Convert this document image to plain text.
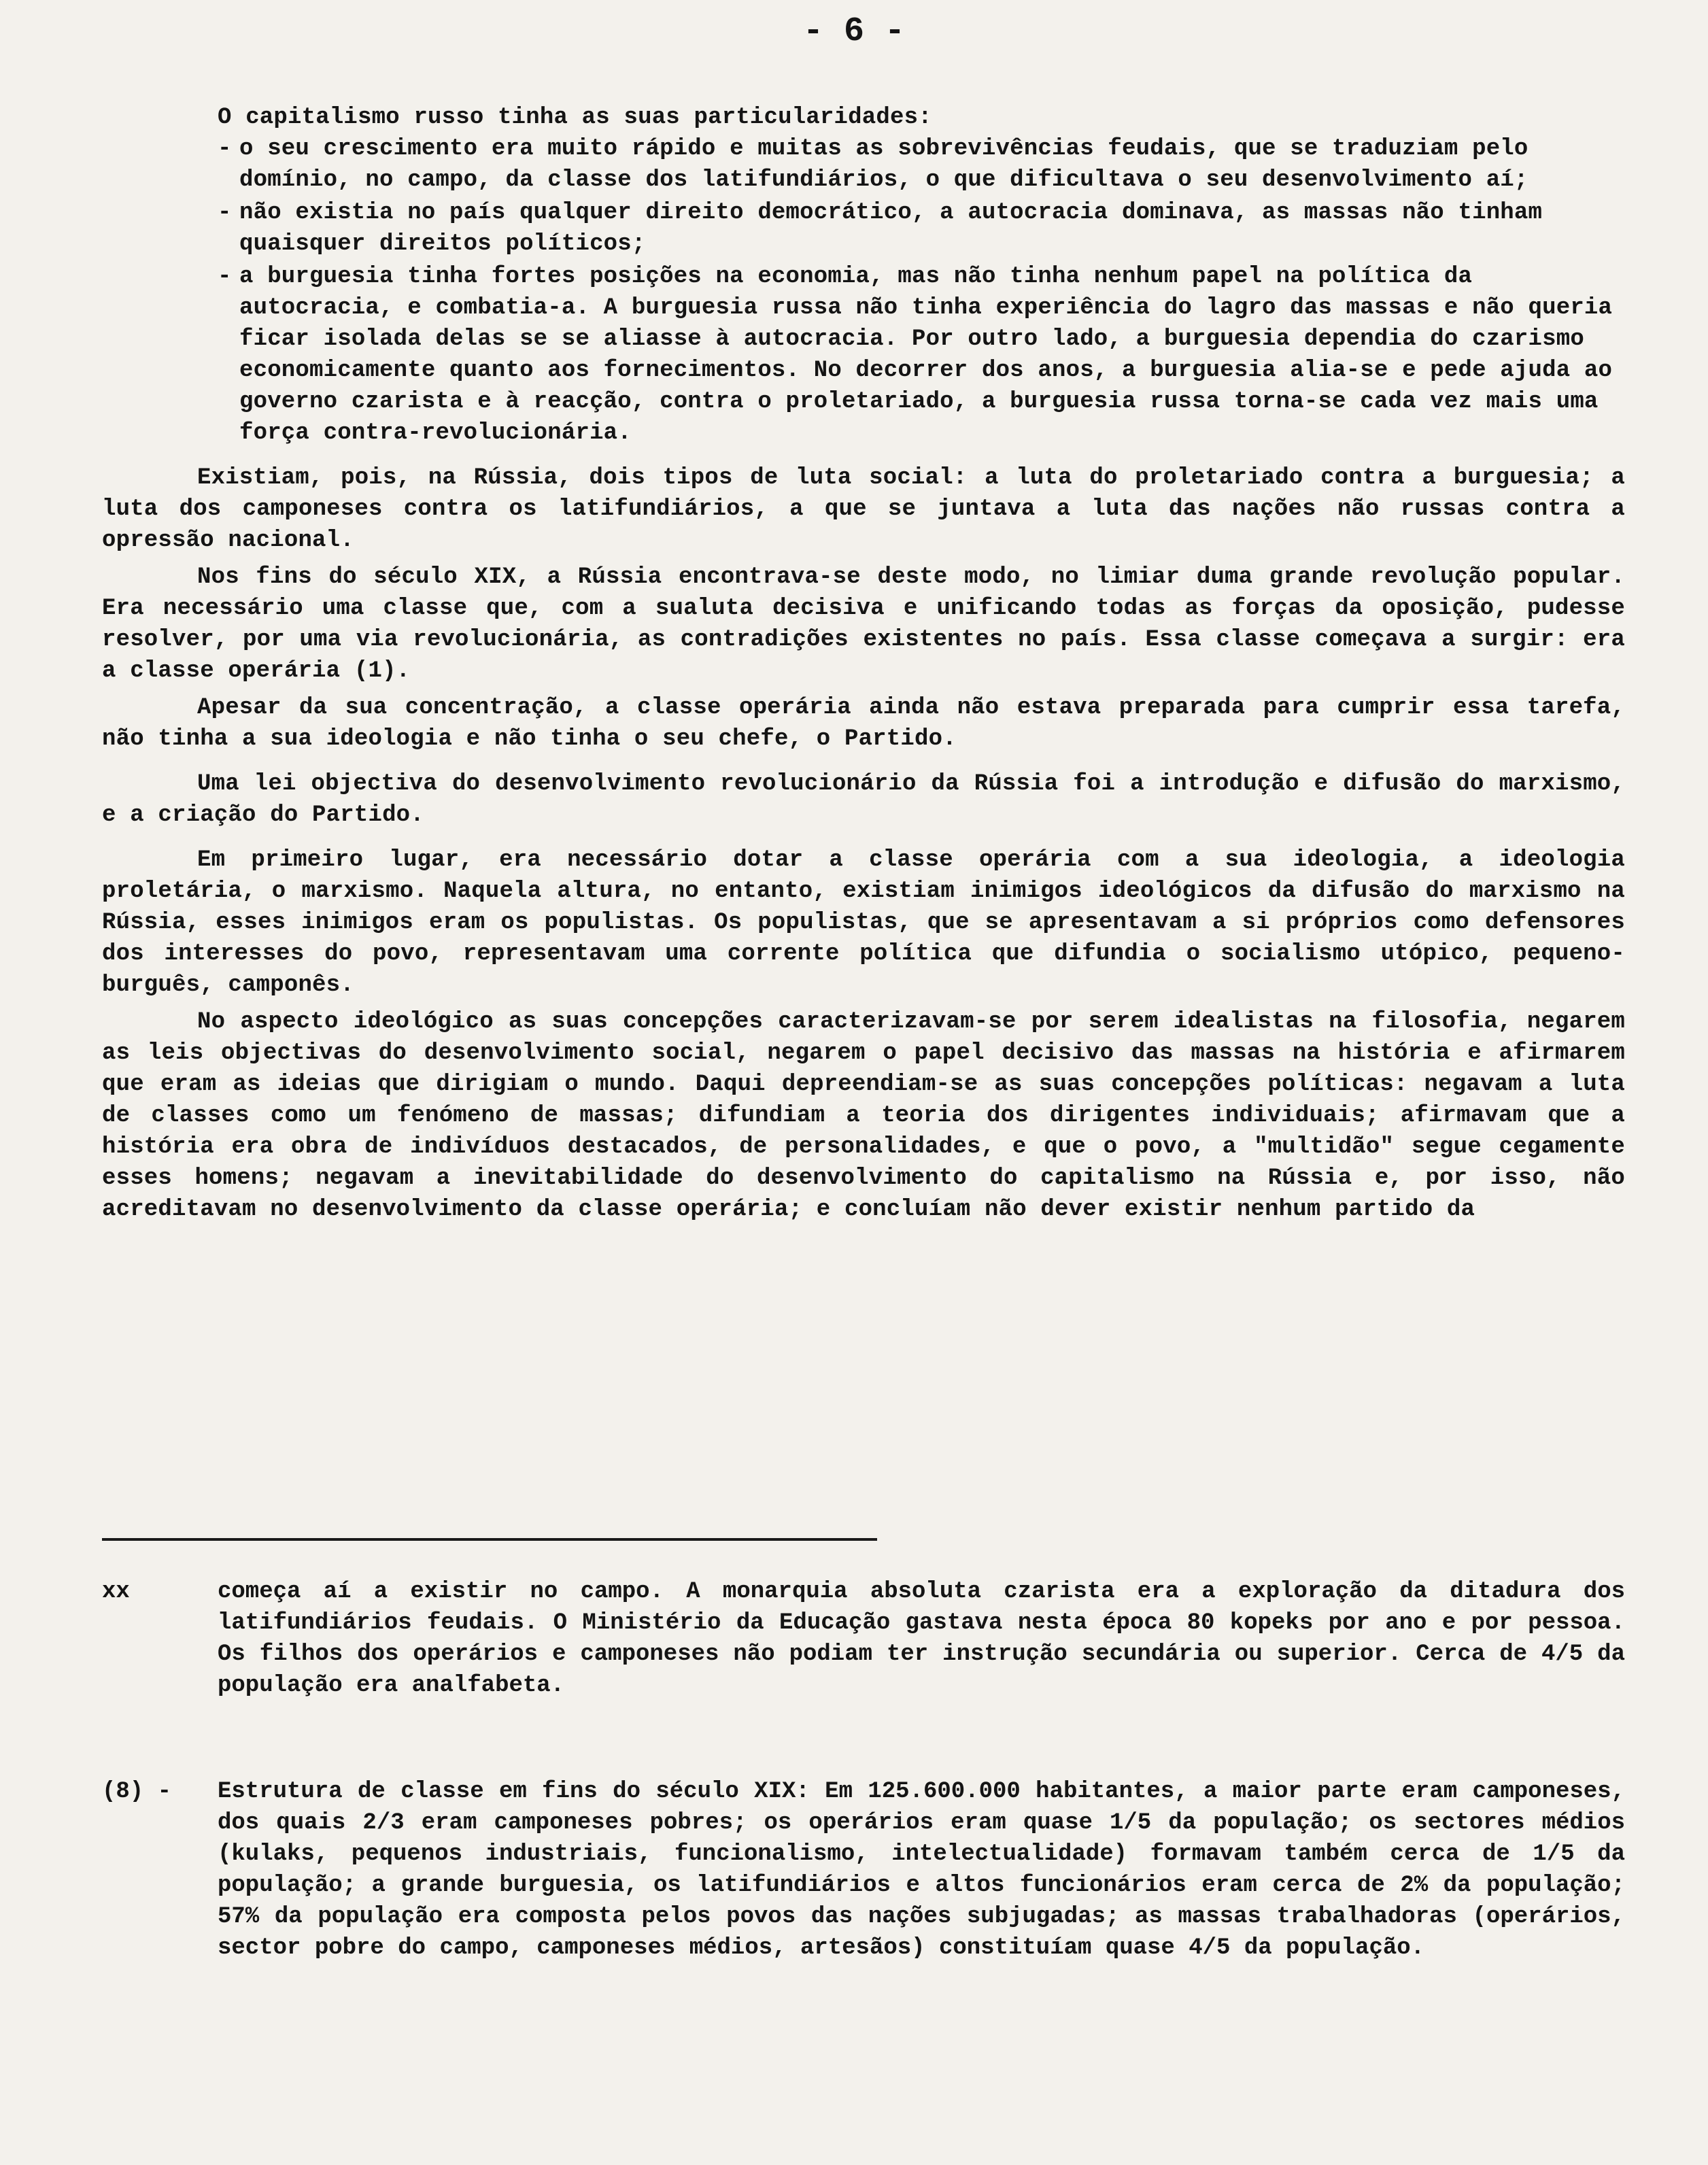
- 6 -
O capitalismo russo tinha as suas particularidades:
- o seu crescimento era muito rápido e muitas as sobrevivências feudais, que se traduziam pelo domínio, no campo, da classe dos latifundiários, o que dificultava o seu desenvolvimento aí;
- não existia no país qualquer direito democrático, a autocracia dominava, as massas não tinham quaisquer direitos políticos;
- a burguesia tinha fortes posições na economia, mas não tinha nenhum papel na política da autocracia, e combatia-a. A burguesia russa não tinha experiência do lagro das massas e não queria ficar isolada delas se se aliasse à autocracia. Por outro lado, a burguesia dependia do czarismo economicamente quanto aos fornecimentos. No decorrer dos anos, a burguesia alia-se e pede ajuda ao governo czarista e à reacção, contra o proletariado, a burguesia russa torna-se cada vez mais uma força contra-revolucionária.

Existiam, pois, na Rússia, dois tipos de luta social: a luta do proletariado contra a burguesia; a luta dos camponeses contra os latifundiários, a que se juntava a luta das nações não russas contra a opressão nacional.

Nos fins do século XIX, a Rússia encontrava-se deste modo, no limiar duma grande revolução popular. Era necessário uma classe que, com a sualuta decisiva e unificando todas as forças da oposição, pudesse resolver, por uma via revolucionária, as contradições existentes no país. Essa classe começava a surgir: era a classe operária (1).

Apesar da sua concentração, a classe operária ainda não estava preparada para cumprir essa tarefa, não tinha a sua ideologia e não tinha o seu chefe, o Partido.

Uma lei objectiva do desenvolvimento revolucionário da Rússia foi a introdução e difusão do marxismo, e a criação do Partido.

Em primeiro lugar, era necessário dotar a classe operária com a sua ideologia, a ideologia proletária, o marxismo. Naquela altura, no entanto, existiam inimigos ideológicos da difusão do marxismo na Rússia, esses inimigos eram os populistas. Os populistas, que se apresentavam a si próprios como defensores dos interesses do povo, representavam uma corrente política que difundia o socialismo utópico, pequeno-burguês, camponês.

No aspecto ideológico as suas concepções caracterizavam-se por serem idealistas na filosofia, negarem as leis objectivas do desenvolvimento social, negarem o papel decisivo das massas na história e afirmarem que eram as ideias que dirigiam o mundo. Daqui depreendiam-se as suas concepções políticas: negavam a luta de classes como um fenómeno de massas; difundiam a teoria dos dirigentes individuais; afirmavam que a história era obra de indivíduos destacados, de personalidades, e que o povo, a "multidão" segue cegamente esses homens; negavam a inevitabilidade do desenvolvimento do capitalismo na Rússia e, por isso, não acreditavam no desenvolvimento da classe operária; e concluíam não dever existir nenhum partido da

xx	começa aí a existir no campo. A monarquia absoluta czarista era a exploração da ditadura dos latifundiários feudais. O Ministério da Educação gastava nesta época 80 kopeks por ano e por pessoa. Os filhos dos operários e camponeses não podiam ter instrução secundária ou superior. Cerca de 4/5 da população era analfabeta.
(8) -	Estrutura de classe em fins do século XIX: Em 125.600.000 habitantes, a maior parte eram camponeses, dos quais 2/3 eram camponeses pobres; os operários eram quase 1/5 da população; os sectores médios (kulaks, pequenos industriais, funcionalismo, intelectualidade) formavam também cerca de 1/5 da população; a grande burguesia, os latifundiários e altos funcionários eram cerca de 2% da população; 57% da população era composta pelos povos das nações subjugadas; as massas trabalhadoras (operários, sector pobre do campo, camponeses médios, artesãos) constituíam quase 4/5 da população.
